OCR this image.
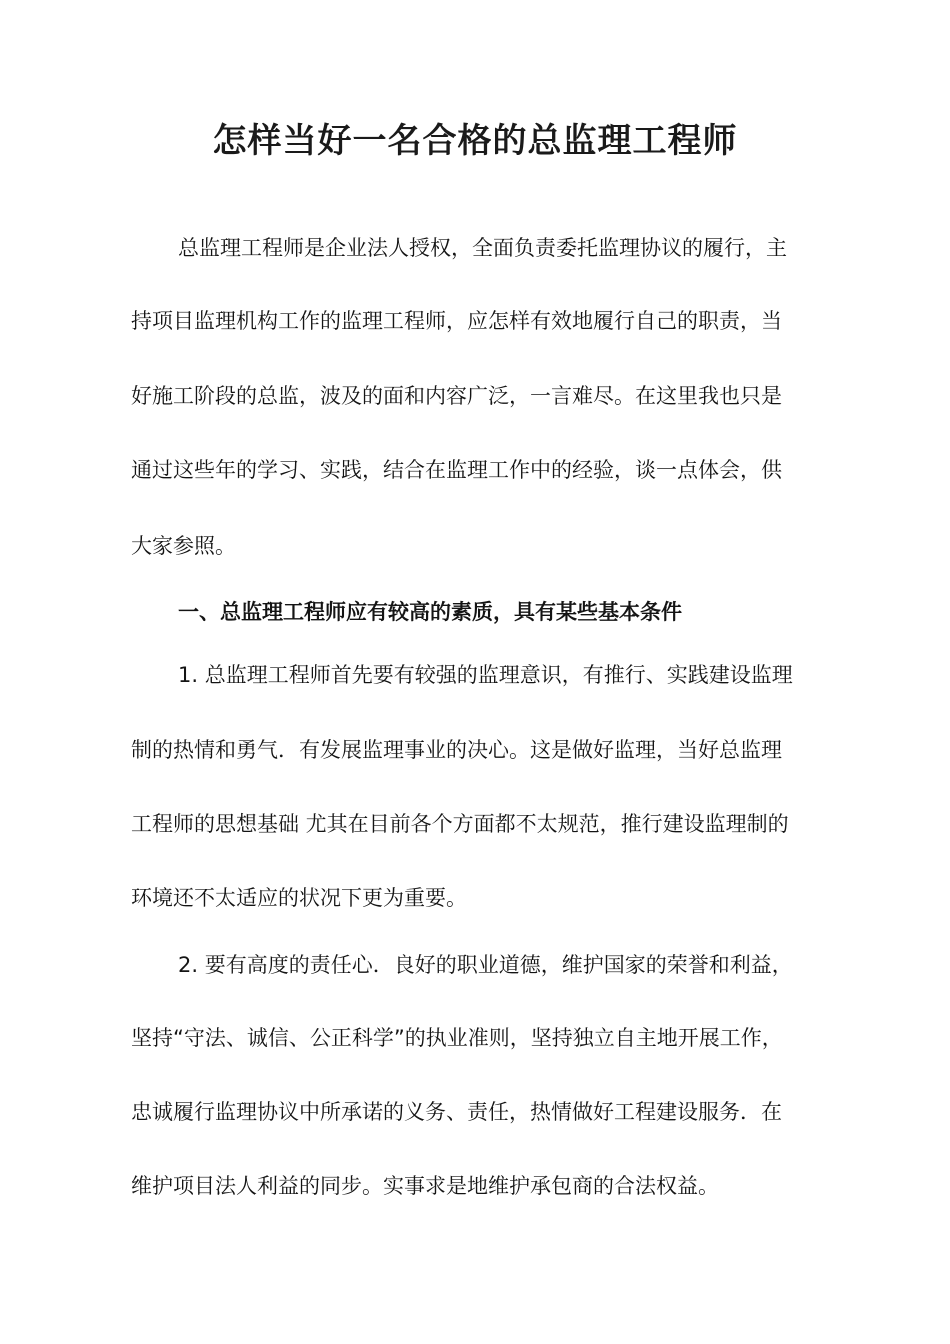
怎样当好一名合格的总监理工程师

总监理工程师是企业法人授权，全面负责委托监理协议的履行，主

持项目监理机构工作的监理工程师，应怎样有效地履行自己的职责，当

好施工阶段的总监，波及的面和内容广泛，一言难尽。在这里我也只是

通过这些年的学习、实践，结合在监理工作中的经验，谈一点体会，供

大家参照。

一、总监理工程师应有较高的素质，具有某些基本条件

1. 总监理工程师首先要有较强的监理意识，有推行、实践建设监理

制的热情和勇气．有发展监理事业的决心。这是做好监理，当好总监理

工程师的思想基础 尤其在目前各个方面都不太规范，推行建设监理制的

环境还不太适应的状况下更为重要。

2. 要有高度的责任心．良好的职业道德，维护国家的荣誉和利益，

坚持“守法、诚信、公正科学”的执业准则，坚持独立自主地开展工作，

忠诚履行监理协议中所承诺的义务、责任，热情做好工程建设服务．在

维护项目法人利益的同步。实事求是地维护承包商的合法权益。
